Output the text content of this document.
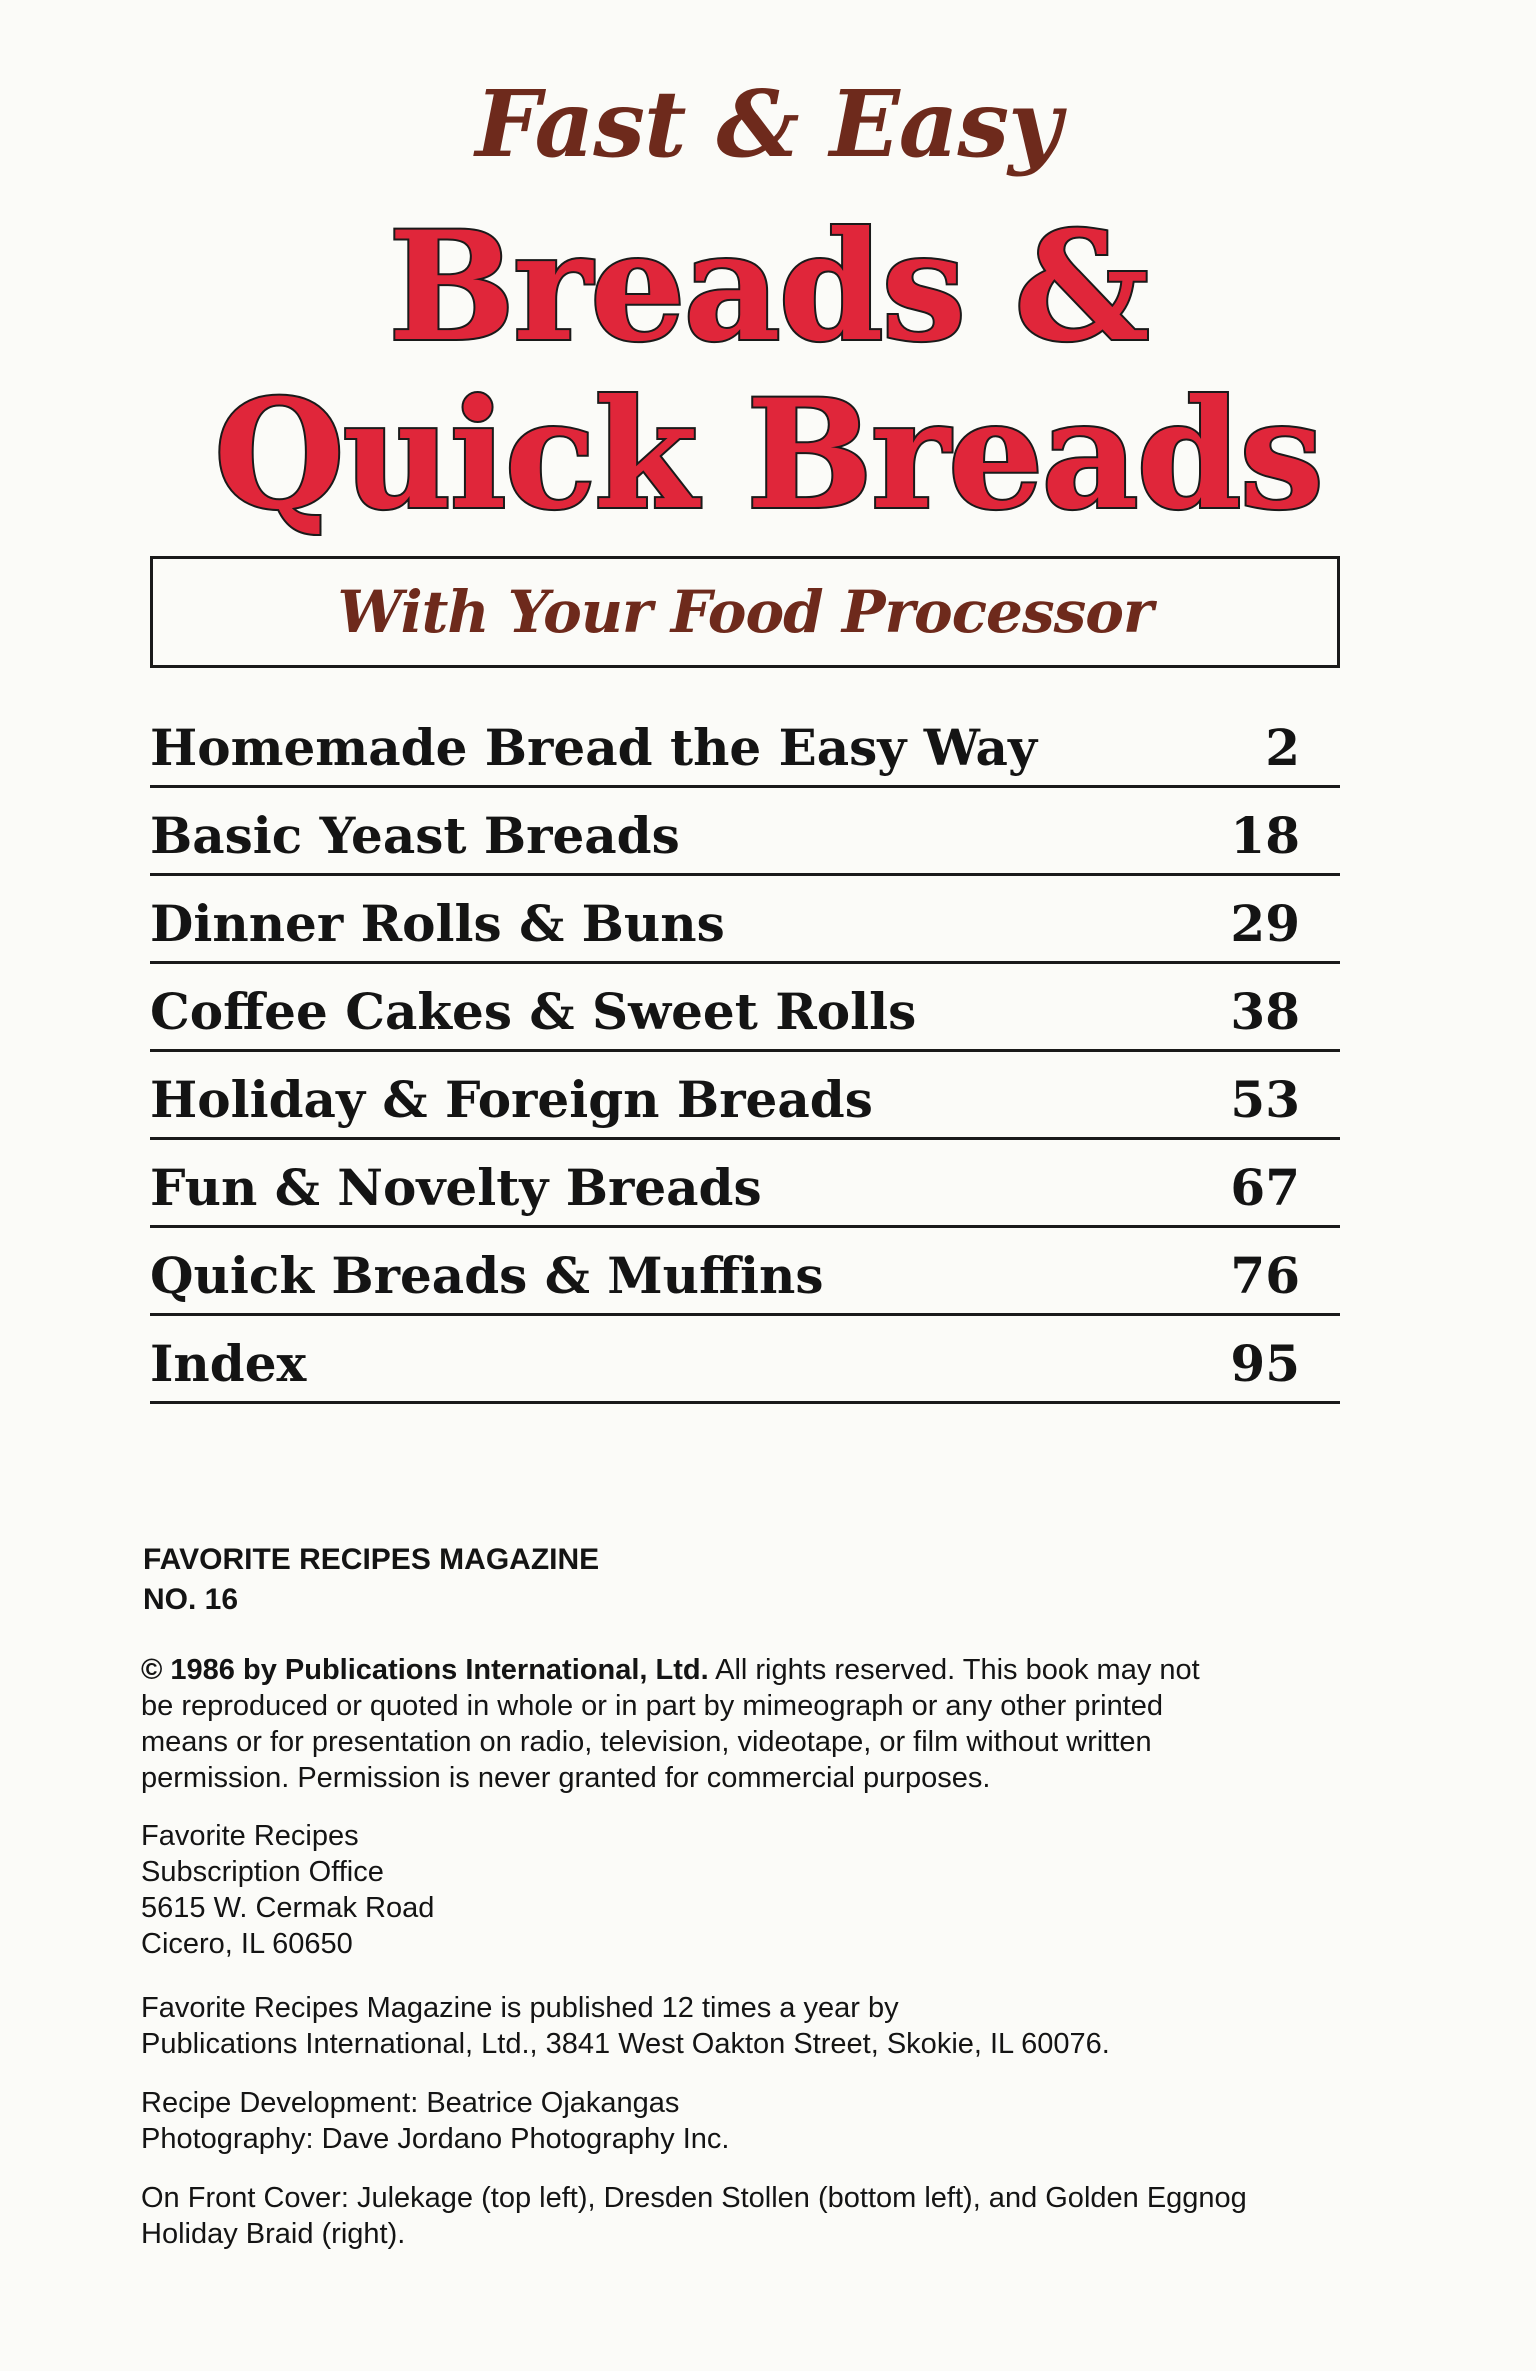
Fast & Easy
Breads &
Quick Breads
With Your Food Processor
Homemade Bread the Easy Way	2
Basic Yeast Breads	18
Dinner Rolls & Buns	29
Coffee Cakes & Sweet Rolls	38
Holiday & Foreign Breads	53
Fun & Novelty Breads	67
Quick Breads & Muffins	76
Index	95
FAVORITE RECIPES MAGAZINE
NO. 16
© 1986 by Publications International, Ltd. All rights reserved. This book may not
be reproduced or quoted in whole or in part by mimeograph or any other printed
means or for presentation on radio, television, videotape, or film without written
permission. Permission is never granted for commercial purposes.
Favorite Recipes
Subscription Office
5615 W. Cermak Road
Cicero, IL 60650
Favorite Recipes Magazine is published 12 times a year by
Publications International, Ltd., 3841 West Oakton Street, Skokie, IL 60076.
Recipe Development: Beatrice Ojakangas
Photography: Dave Jordano Photography Inc.
On Front Cover: Julekage (top left), Dresden Stollen (bottom left), and Golden Eggnog
Holiday Braid (right).
